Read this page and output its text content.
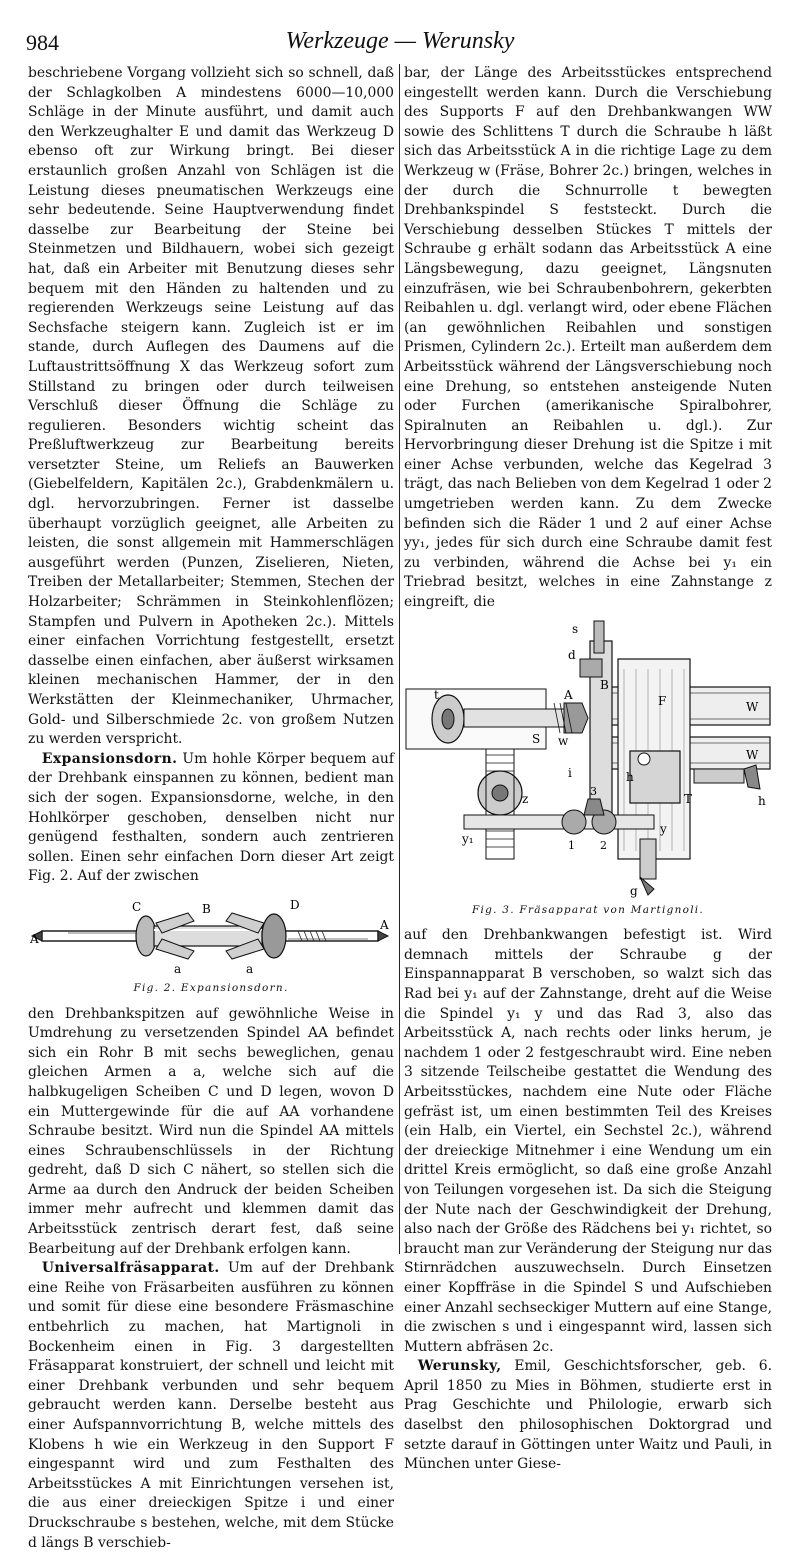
984	Werkzeuge — Werunsky

beschriebene Vorgang vollzieht sich so schnell, daß der Schlagkolben A mindestens 6000—10,000 Schläge in der Minute ausführt, und damit auch den Werkzeughalter E und damit das Werkzeug D ebenso oft zur Wirkung bringt. Bei dieser erstaunlich großen Anzahl von Schlägen ist die Leistung dieses pneumatischen Werkzeugs eine sehr bedeutende. Seine Hauptverwendung findet dasselbe zur Bearbeitung der Steine bei Steinmetzen und Bildhauern, wobei sich gezeigt hat, daß ein Arbeiter mit Benutzung dieses sehr bequem mit den Händen zu haltenden und zu regierenden Werkzeugs seine Leistung auf das Sechsfache steigern kann. Zugleich ist er im stande, durch Auflegen des Daumens auf die Luftaustrittsöffnung X das Werkzeug sofort zum Stillstand zu bringen oder durch teilweisen Verschluß dieser Öffnung die Schläge zu regulieren. Besonders wichtig scheint das Preßluftwerkzeug zur Bearbeitung bereits versetzter Steine, um Reliefs an Bauwerken (Giebelfeldern, Kapitälen 2c.), Grabdenkmälern u. dgl. hervorzubringen. Ferner ist dasselbe überhaupt vorzüglich geeignet, alle Arbeiten zu leisten, die sonst allgemein mit Hammerschlägen ausgeführt werden (Punzen, Ziselieren, Nieten, Treiben der Metallarbeiter; Stemmen, Stechen der Holzarbeiter; Schrämmen in Steinkohlenflözen; Stampfen und Pulvern in Apotheken 2c.). Mittels einer einfachen Vorrichtung festgestellt, ersetzt dasselbe einen einfachen, aber äußerst wirksamen kleinen mechanischen Hammer, der in den Werkstätten der Kleinmechaniker, Uhrmacher, Gold- und Silberschmiede 2c. von großem Nutzen zu werden verspricht.

Expansionsdorn. Um hohle Körper bequem auf der Drehbank einspannen zu können, bedient man sich der sogen. Expansionsdorne, welche, in den Hohlkörper geschoben, denselben nicht nur genügend festhalten, sondern auch zentrieren sollen. Einen sehr einfachen Dorn dieser Art zeigt Fig. 2. Auf der zwischen

A
A
C	B	D
a	a
Fig. 2. Expansionsdorn.

den Drehbankspitzen auf gewöhnliche Weise in Umdrehung zu versetzenden Spindel AA befindet sich ein Rohr B mit sechs beweglichen, genau gleichen Armen a a, welche sich auf die halbkugeligen Scheiben C und D legen, wovon D ein Muttergewinde für die auf AA vorhandene Schraube besitzt. Wird nun die Spindel AA mittels eines Schraubenschlüssels in der Richtung gedreht, daß D sich C nähert, so stellen sich die Arme aa durch den Andruck der beiden Scheiben immer mehr aufrecht und klemmen damit das Arbeitsstück zentrisch derart fest, daß seine Bearbeitung auf der Drehbank erfolgen kann.

Universalfräsapparat. Um auf der Drehbank eine Reihe von Fräsarbeiten ausführen zu können und somit für diese eine besondere Fräsmaschine entbehrlich zu machen, hat Martignoli in Bockenheim einen in Fig. 3 dargestellten Fräsapparat konstruiert, der schnell und leicht mit einer Drehbank verbunden und sehr bequem gebraucht werden kann. Derselbe besteht aus einer Aufspannvorrichtung B, welche mittels des Klobens h wie ein Werkzeug in den Support F eingespannt wird und zum Festhalten des Arbeitsstückes A mit Einrichtungen versehen ist, die aus einer dreieckigen Spitze i und einer Druckschraube s bestehen, welche, mit dem Stücke d längs B verschieb-

bar, der Länge des Arbeitsstückes entsprechend eingestellt werden kann. Durch die Verschiebung des Supports F auf den Drehbankwangen WW sowie des Schlittens T durch die Schraube h läßt sich das Arbeitsstück A in die richtige Lage zu dem Werkzeug w (Fräse, Bohrer 2c.) bringen, welches in der durch die Schnurrolle t bewegten Drehbankspindel S feststeckt. Durch die Verschiebung desselben Stückes T mittels der Schraube g erhält sodann das Arbeitsstück A eine Längsbewegung, dazu geeignet, Längsnuten einzufräsen, wie bei Schraubenbohrern, gekerbten Reibahlen u. dgl. verlangt wird, oder ebene Flächen (an gewöhnlichen Reibahlen und sonstigen Prismen, Cylindern 2c.). Erteilt man außerdem dem Arbeitsstück während der Längsverschiebung noch eine Drehung, so entstehen ansteigende Nuten oder Furchen (amerikanische Spiralbohrer, Spiralnuten an Reibahlen u. dgl.). Zur Hervorbringung dieser Drehung ist die Spitze i mit einer Achse verbunden, welche das Kegelrad 3 trägt, das nach Belieben von dem Kegelrad 1 oder 2 umgetrieben werden kann. Zu dem Zwecke befinden sich die Räder 1 und 2 auf einer Achse yy₁, jedes für sich durch eine Schraube damit fest zu verbinden, während die Achse bei y₁ ein Triebrad besitzt, welches in eine Zahnstange z eingreift, die

s
d
B
F	W
W
t	A
w
S
i	h
T	h
z
y₁	1 2
3
y
g
Fig. 3. Fräsapparat von Martignoli.

auf den Drehbankwangen befestigt ist. Wird demnach mittels der Schraube g der Einspannapparat B verschoben, so walzt sich das Rad bei y₁ auf der Zahnstange, dreht auf die Weise die Spindel y₁ y und das Rad 3, also das Arbeitsstück A, nach rechts oder links herum, je nachdem 1 oder 2 festgeschraubt wird. Eine neben 3 sitzende Teilscheibe gestattet die Wendung des Arbeitsstückes, nachdem eine Nute oder Fläche gefräst ist, um einen bestimmten Teil des Kreises (ein Halb, ein Viertel, ein Sechstel 2c.), während der dreieckige Mitnehmer i eine Wendung um ein drittel Kreis ermöglicht, so daß eine große Anzahl von Teilungen vorgesehen ist. Da sich die Steigung der Nute nach der Geschwindigkeit der Drehung, also nach der Größe des Rädchens bei y₁ richtet, so braucht man zur Veränderung der Steigung nur das Stirnrädchen auszuwechseln. Durch Einsetzen einer Kopffräse in die Spindel S und Aufschieben einer Anzahl sechseckiger Muttern auf eine Stange, die zwischen s und i eingespannt wird, lassen sich Muttern abfräsen 2c.

Werunsky, Emil, Geschichtsforscher, geb. 6. April 1850 zu Mies in Böhmen, studierte erst in Prag Geschichte und Philologie, erwarb sich daselbst den philosophischen Doktorgrad und setzte darauf in Göttingen unter Waitz und Pauli, in München unter Giese-
